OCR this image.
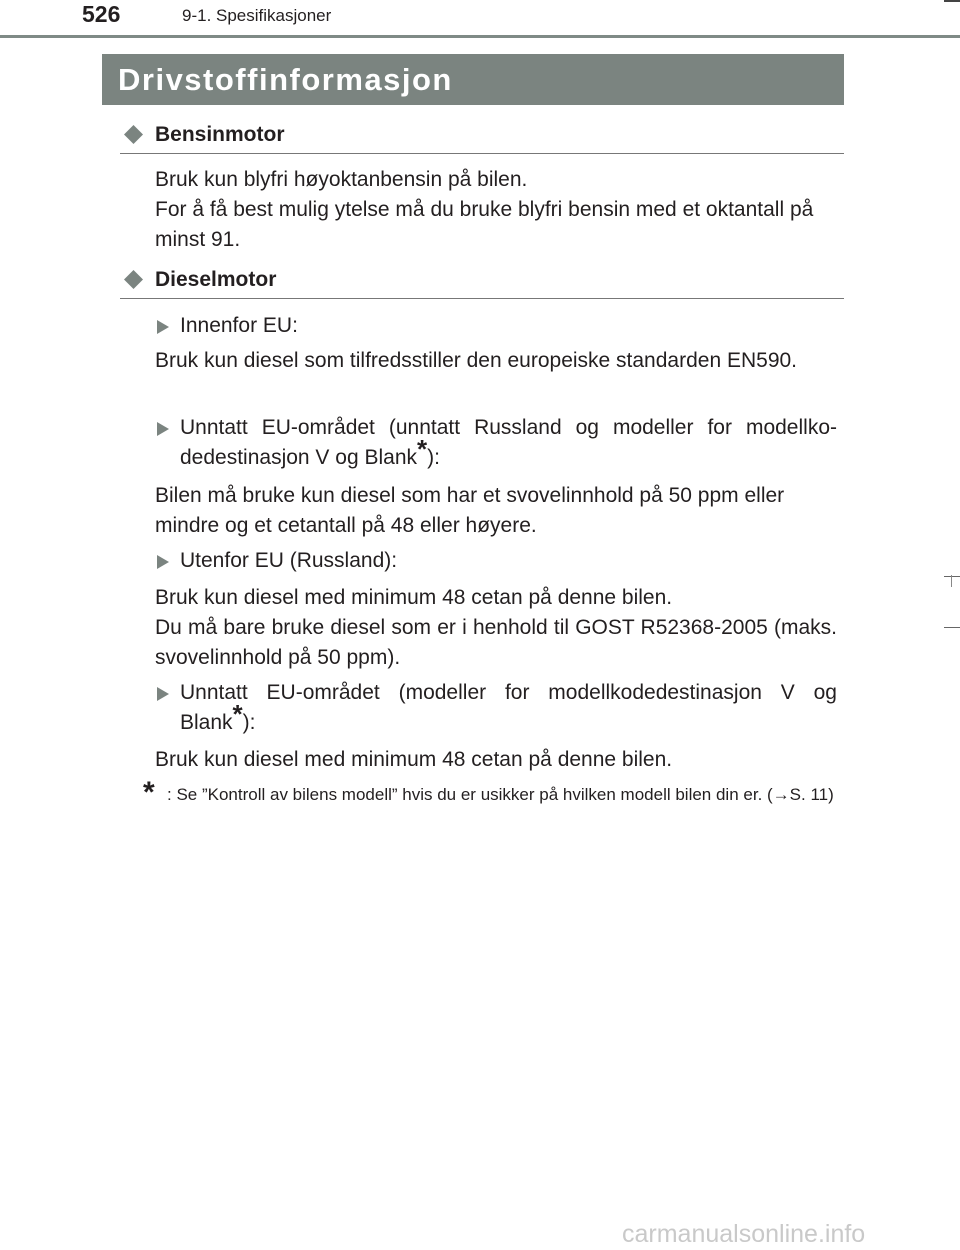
526	9-1. Spesifikasjoner
Drivstoffinformasjon
Bensinmotor

Bruk kun blyfri høyoktanbensin på bilen.

For å få best mulig ytelse må du bruke blyfri bensin med et oktantall på minst 91.

Dieselmotor
Innenfor EU:

Bruk kun diesel som tilfredsstiller den europeiske standarden EN590.

Unntatt EU-området (unntatt Russland og modeller for modellko-dedestinasjon V og Blank*):

Bilen må bruke kun diesel som har et svovelinnhold på 50 ppm eller mindre og et cetantall på 48 eller høyere.

Utenfor EU (Russland):

Bruk kun diesel med minimum 48 cetan på denne bilen.

Du må bare bruke diesel som er i henhold til GOST R52368-2005 (maks. svovelinnhold på 50 ppm).

Unntatt EU-området (modeller for modellkodedestinasjon V og Blank*):

Bruk kun diesel med minimum 48 cetan på denne bilen.

* : Se ”Kontroll av bilens modell” hvis du er usikker på hvilken modell bilen din er. (→S. 11)
carmanualsonline.info
